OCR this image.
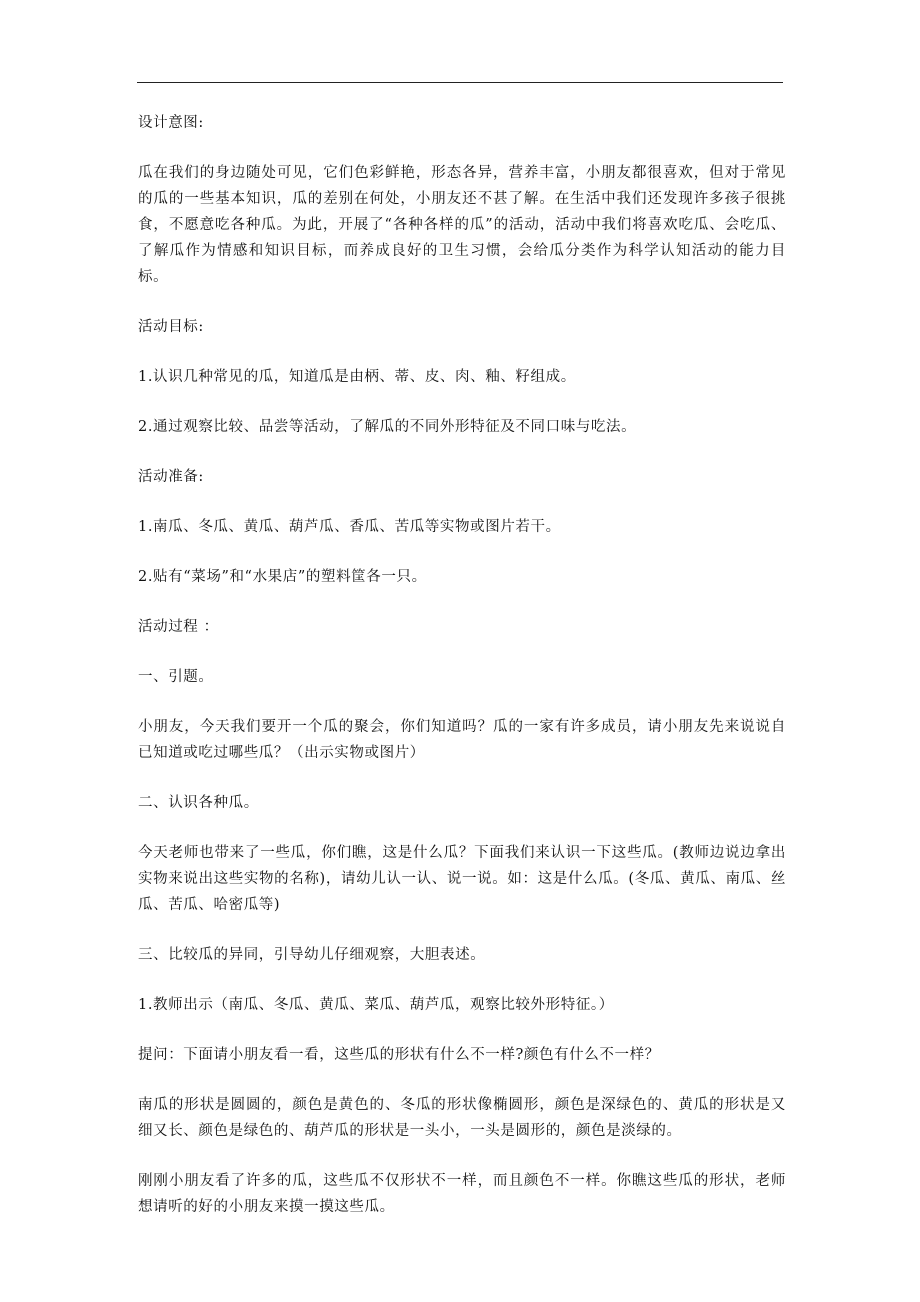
设计意图:

瓜在我们的身边随处可见，它们色彩鲜艳，形态各异，营养丰富，小朋友都很喜欢，但对于常见的瓜的一些基本知识，瓜的差别在何处，小朋友还不甚了解。在生活中我们还发现许多孩子很挑食，不愿意吃各种瓜。为此，开展了“各种各样的瓜”的活动，活动中我们将喜欢吃瓜、会吃瓜、了解瓜作为情感和知识目标，而养成良好的卫生习惯，会给瓜分类作为科学认知活动的能力目标。

活动目标:

1.认识几种常见的瓜，知道瓜是由柄、蒂、皮、肉、釉、籽组成。

2.通过观察比较、品尝等活动，了解瓜的不同外形特征及不同口味与吃法。

活动准备:

1.南瓜、冬瓜、黄瓜、葫芦瓜、香瓜、苦瓜等实物或图片若干。

2.贴有“菜场”和“水果店”的塑料筐各一只。

活动过程 ：

一、引题。

小朋友，今天我们要开一个瓜的聚会，你们知道吗？瓜的一家有许多成员，请小朋友先来说说自已知道或吃过哪些瓜？（出示实物或图片）

二、认识各种瓜。

今天老师也带来了一些瓜，你们瞧，这是什么瓜？下面我们来认识一下这些瓜。(教师边说边拿出实物来说出这些实物的名称)，请幼儿认一认、说一说。如：这是什么瓜。(冬瓜、黄瓜、南瓜、丝瓜、苦瓜、哈密瓜等)

三、比较瓜的异同，引导幼儿仔细观察，大胆表述。

1.教师出示（南瓜、冬瓜、黄瓜、菜瓜、葫芦瓜，观察比较外形特征。）

提问：下面请小朋友看一看，这些瓜的形状有什么不一样?颜色有什么不一样？

南瓜的形状是圆圆的，颜色是黄色的、冬瓜的形状像椭圆形，颜色是深绿色的、黄瓜的形状是又细又长、颜色是绿色的、葫芦瓜的形状是一头小，一头是圆形的，颜色是淡绿的。

刚刚小朋友看了许多的瓜，这些瓜不仅形状不一样，而且颜色不一样。你瞧这些瓜的形状，老师想请听的好的小朋友来摸一摸这些瓜。
